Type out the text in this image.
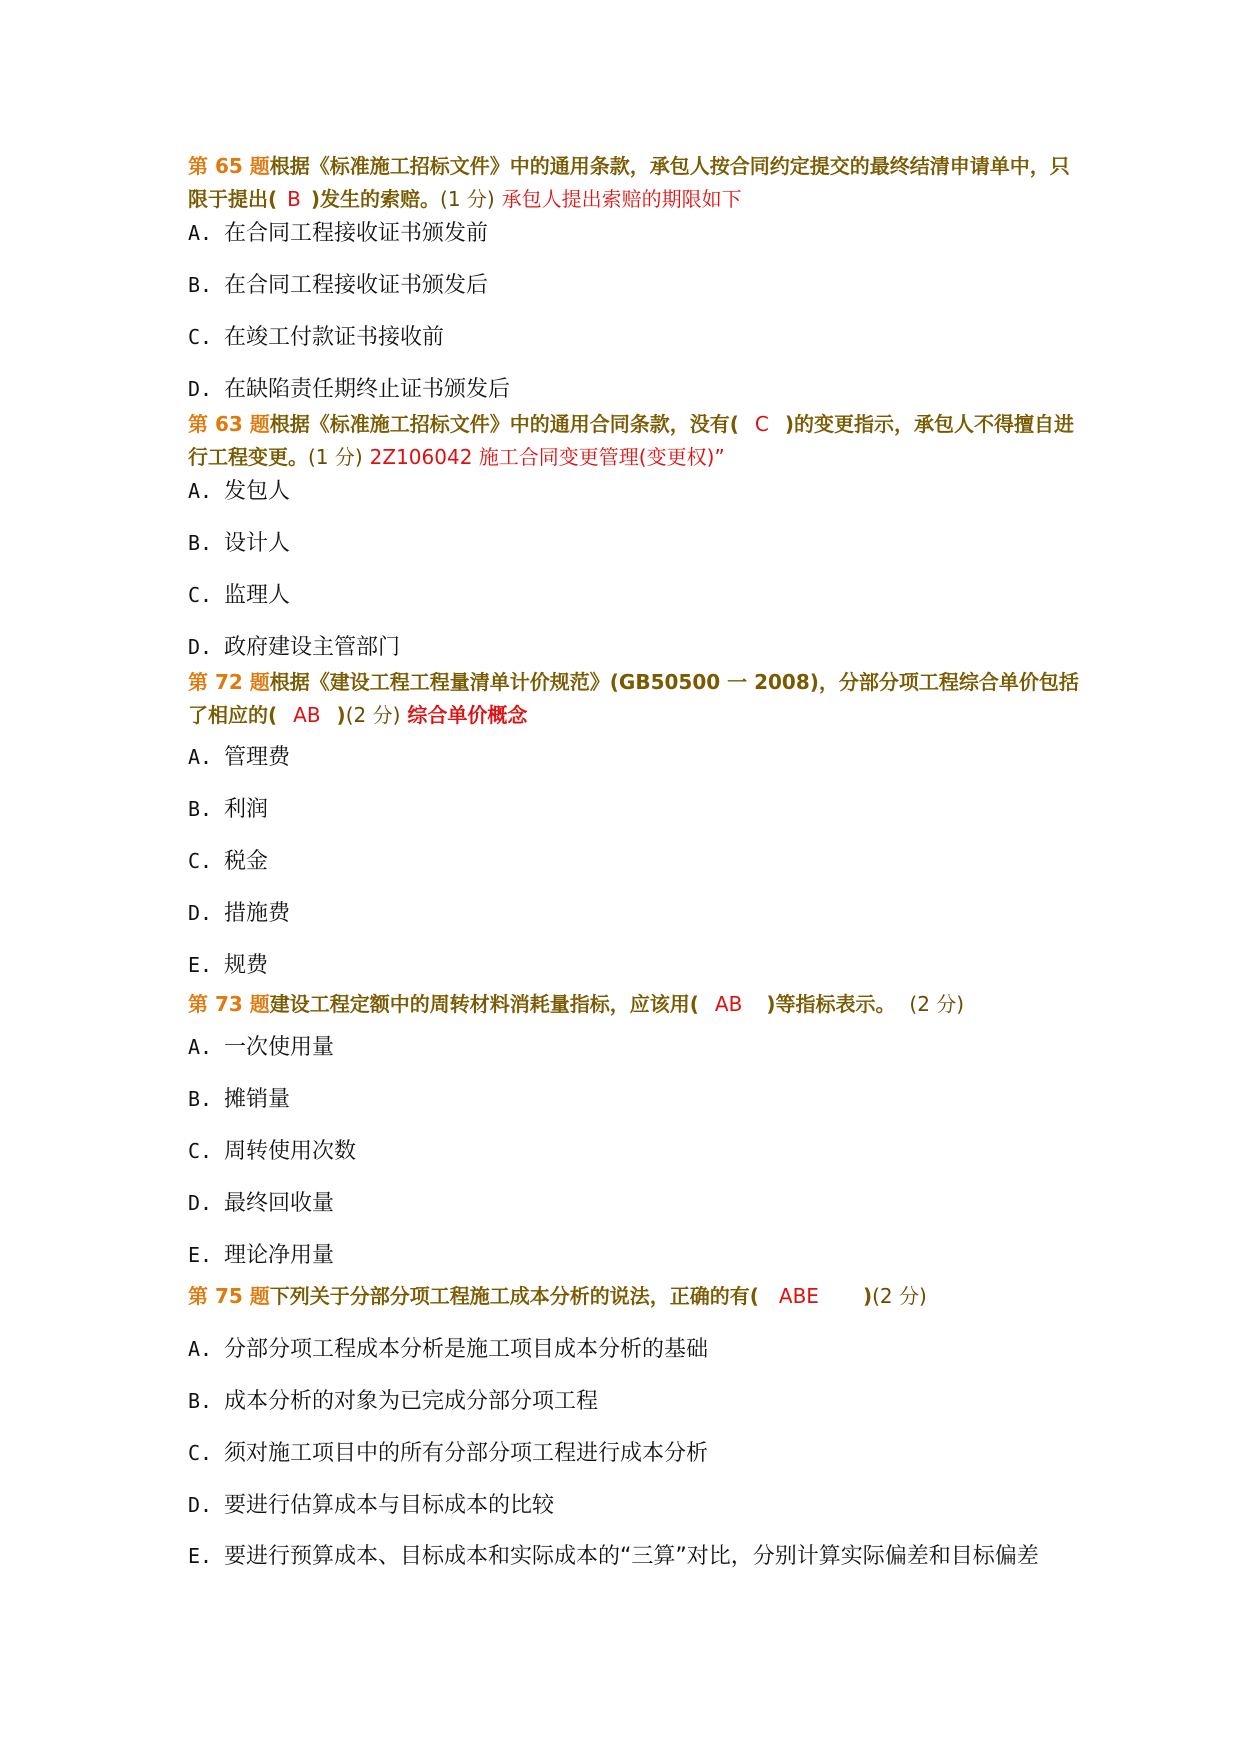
第 65 题根据《标准施工招标文件》中的通用条款，承包人按合同约定提交的最终结清申请单中，只限于提出( B )发生的索赔。(1 分) 承包人提出索赔的期限如下
A. 在合同工程接收证书颁发前
B. 在合同工程接收证书颁发后
C. 在竣工付款证书接收前
D. 在缺陷责任期终止证书颁发后
第 63 题根据《标准施工招标文件》中的通用合同条款，没有( C )的变更指示，承包人不得擅自进行工程变更。(1 分) 2Z106042 施工合同变更管理(变更权)”
A. 发包人
B. 设计人
C. 监理人
D. 政府建设主管部门
第 72 题根据《建设工程工程量清单计价规范》(GB50500 一 2008)，分部分项工程综合单价包括了相应的( AB )(2 分) 综合单价概念
A. 管理费
B. 利润
C. 税金
D. 措施费
E. 规费
第 73 题建设工程定额中的周转材料消耗量指标，应该用( AB )等指标表示。 (2 分)
A. 一次使用量
B. 摊销量
C. 周转使用次数
D. 最终回收量
E. 理论净用量
第 75 题下列关于分部分项工程施工成本分析的说法，正确的有( ABE )(2 分)
A. 分部分项工程成本分析是施工项目成本分析的基础
B. 成本分析的对象为已完成分部分项工程
C. 须对施工项目中的所有分部分项工程进行成本分析
D. 要进行估算成本与目标成本的比较
E. 要进行预算成本、目标成本和实际成本的“三算”对比，分别计算实际偏差和目标偏差
